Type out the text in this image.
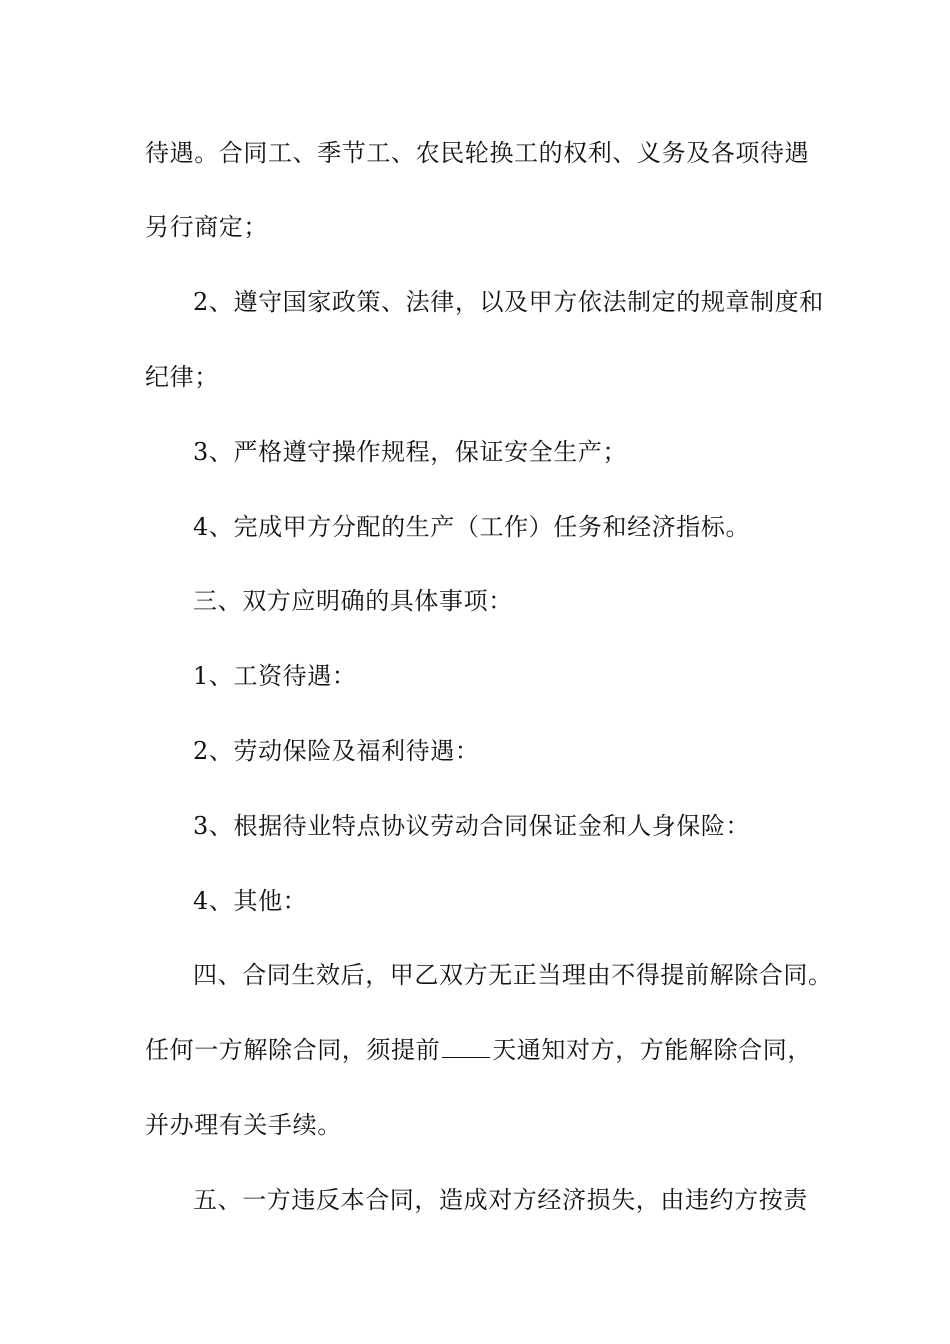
待遇。合同工、季节工、农民轮换工的权利、义务及各项待遇

另行商定；

2、遵守国家政策、法律，以及甲方依法制定的规章制度和

纪律；

3、严格遵守操作规程，保证安全生产；

4、完成甲方分配的生产（工作）任务和经济指标。

三、双方应明确的具体事项：

1、工资待遇：

2、劳动保险及福利待遇：

3、根据待业特点协议劳动合同保证金和人身保险：

4、其他：

四、合同生效后，甲乙双方无正当理由不得提前解除合同。

任何一方解除合同，须提前 天通知对方，方能解除合同，

并办理有关手续。

五、一方违反本合同，造成对方经济损失，由违约方按责
